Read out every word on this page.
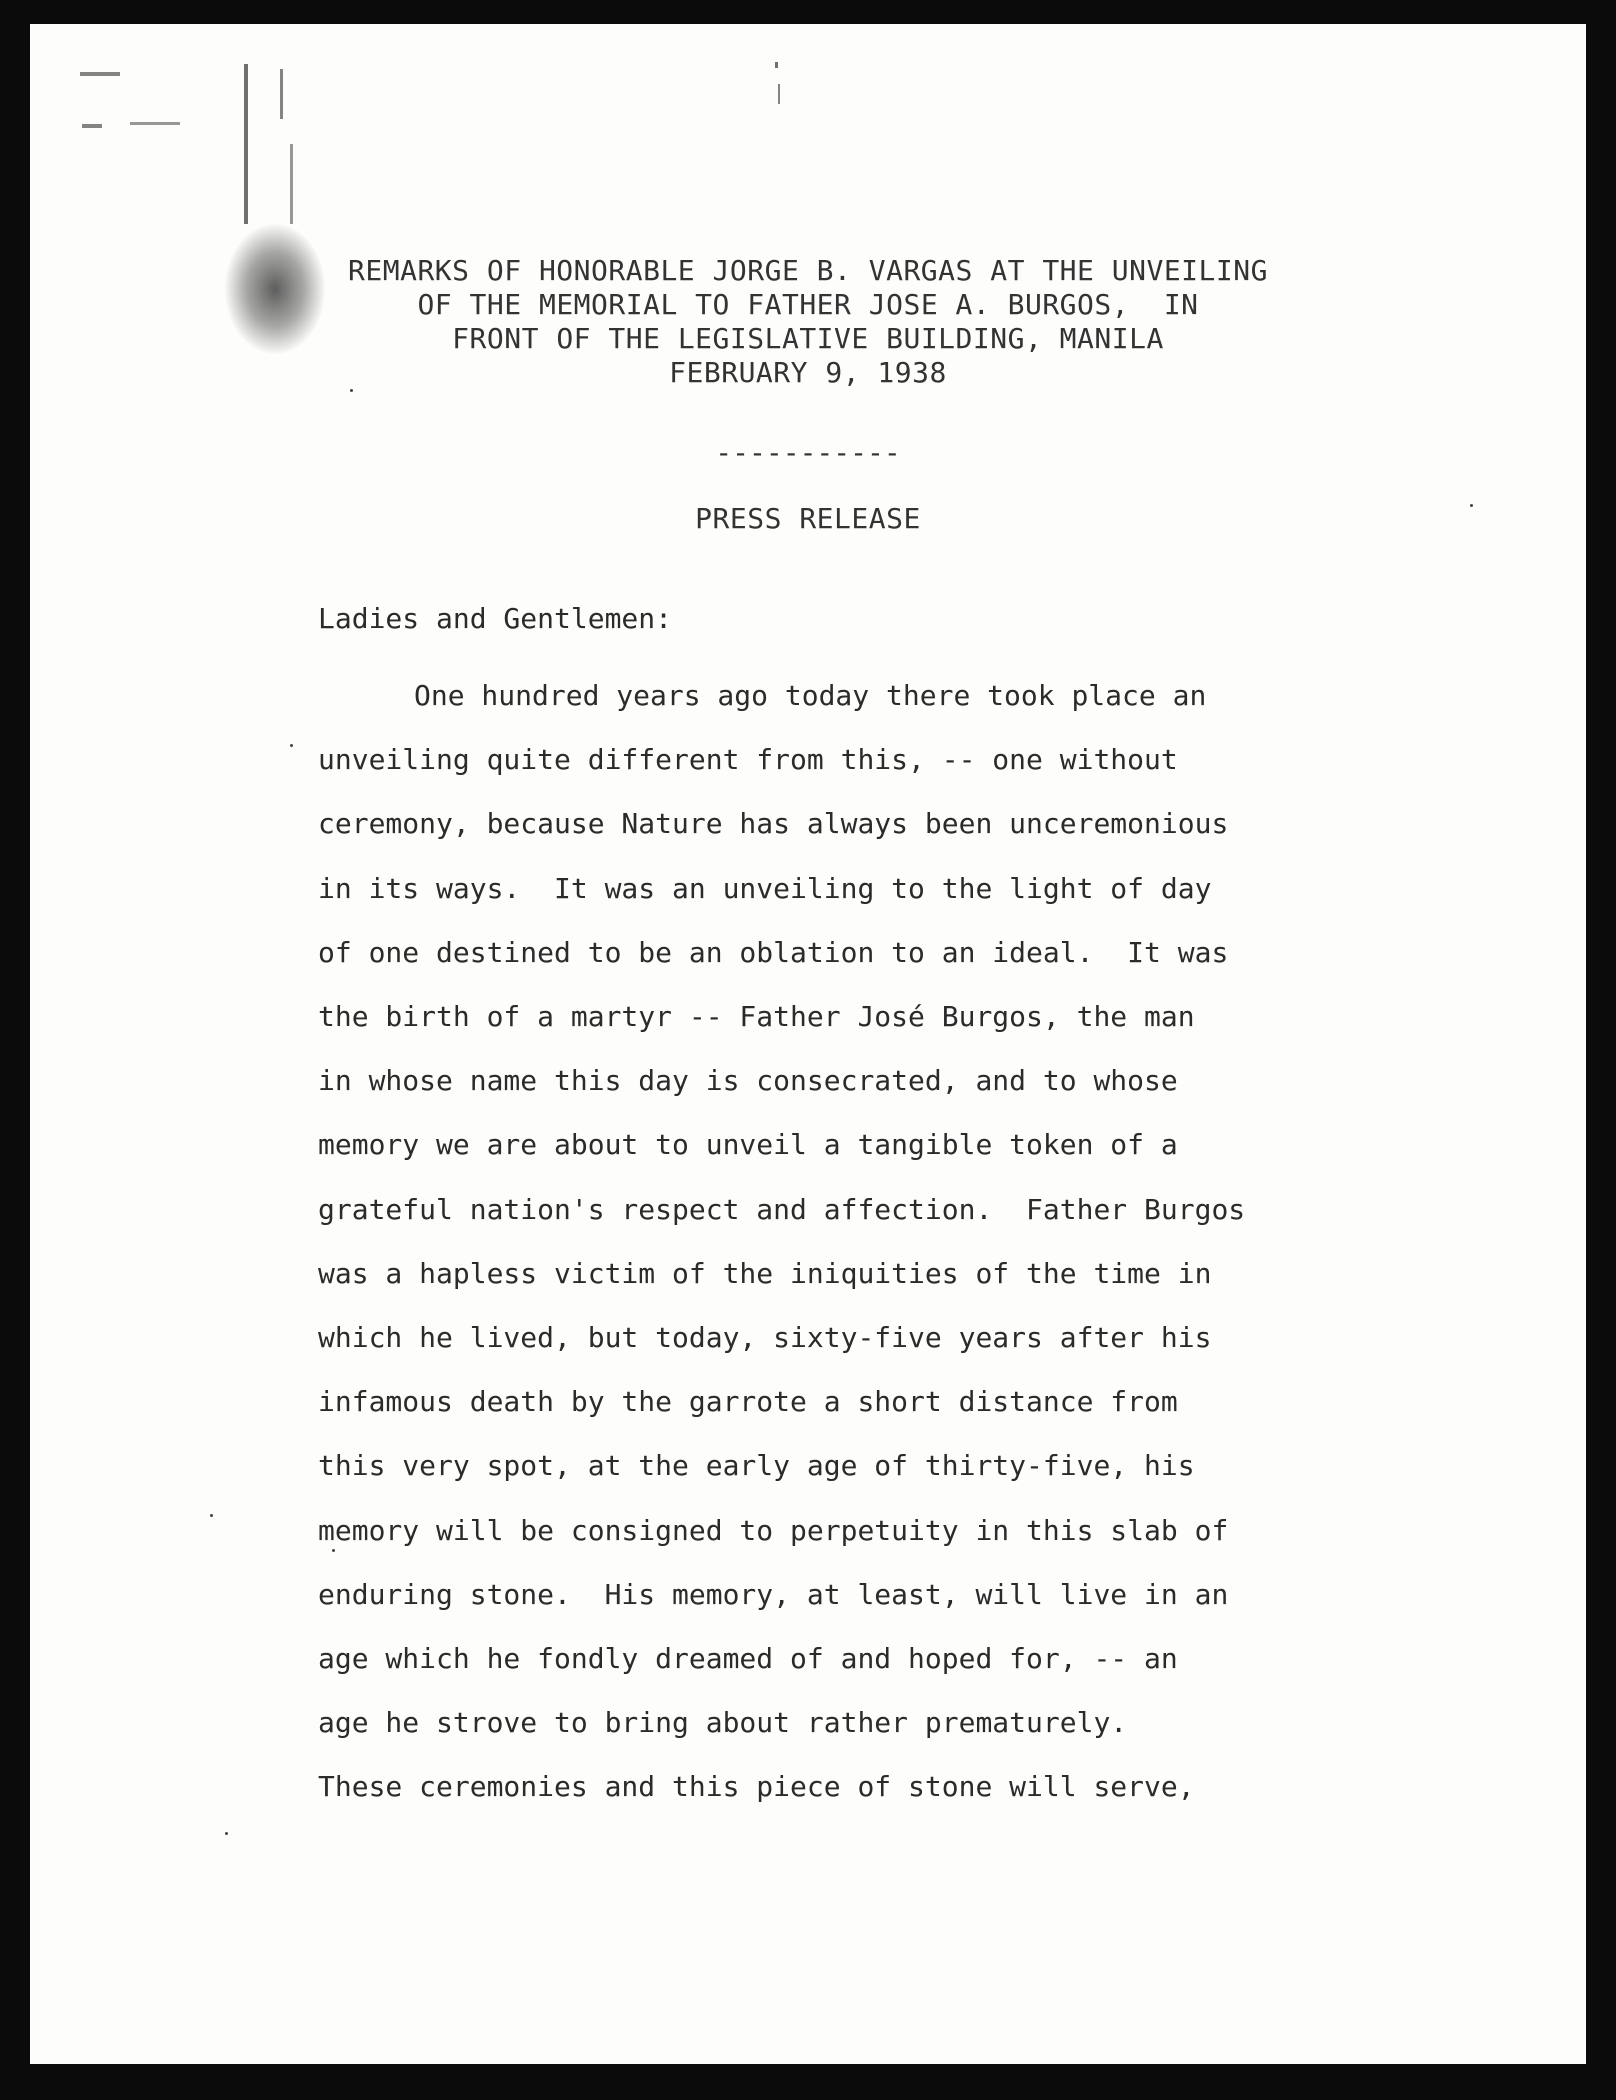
REMARKS OF HONORABLE JORGE B. VARGAS AT THE UNVEILING
OF THE MEMORIAL TO FATHER JOSE A. BURGOS,  IN
FRONT OF THE LEGISLATIVE BUILDING, MANILA
FEBRUARY 9, 1938
-----------
PRESS RELEASE
Ladies and Gentlemen:
One hundred years ago today there took place an
unveiling quite different from this, -- one without
ceremony, because Nature has always been unceremonious
in its ways.  It was an unveiling to the light of day
of one destined to be an oblation to an ideal.  It was
the birth of a martyr -- Father José Burgos, the man
in whose name this day is consecrated, and to whose
memory we are about to unveil a tangible token of a
grateful nation's respect and affection.  Father Burgos
was a hapless victim of the iniquities of the time in
which he lived, but today, sixty-five years after his
infamous death by the garrote a short distance from
this very spot, at the early age of thirty-five, his
memory will be consigned to perpetuity in this slab of
enduring stone.  His memory, at least, will live in an
age which he fondly dreamed of and hoped for, -- an
age he strove to bring about rather prematurely.
These ceremonies and this piece of stone will serve,
